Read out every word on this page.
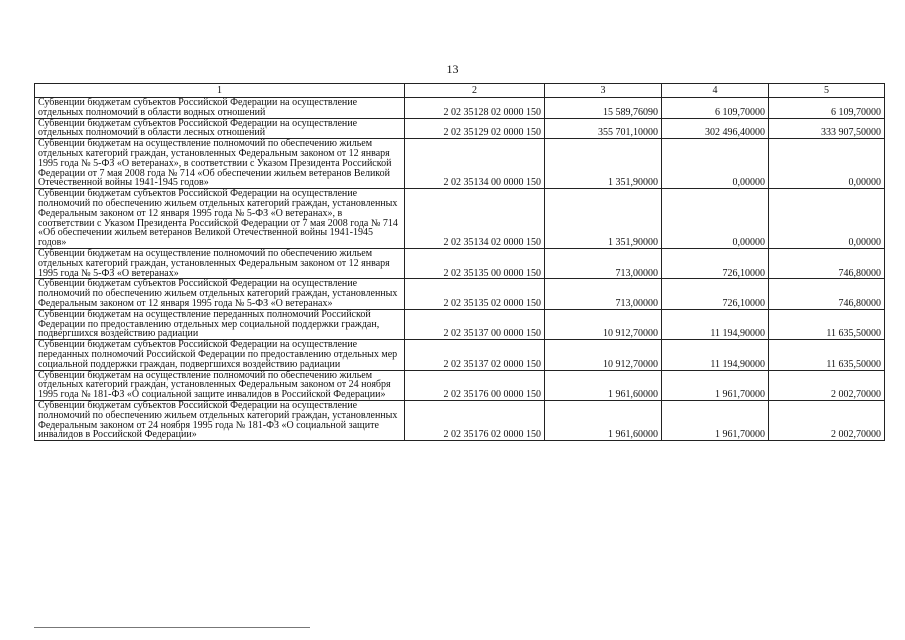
13
1	2	3	4	5
Субвенции бюджетам субъектов Российской Федерации на осуществление отдельных полномочий в области водных отношений	2 02 35128 02 0000 150	15 589,76090	6 109,70000	6 109,70000
Субвенции бюджетам субъектов Российской Федерации на осуществление отдельных полномочий в области лесных отношений	2 02 35129 02 0000 150	355 701,10000	302 496,40000	333 907,50000
Субвенции бюджетам на осуществление полномочий по обеспечению жильем отдельных категорий граждан, установленных Федеральным законом от 12 января 1995 года № 5-ФЗ «О ветеранах», в соответствии с Указом Президента Российской Федерации от 7 мая 2008 года № 714 «Об обеспечении жильем ветеранов Великой Отечественной войны 1941-1945 годов»	2 02 35134 00 0000 150	1 351,90000	0,00000	0,00000
Субвенции бюджетам субъектов Российской Федерации на осуществление полномочий по обеспечению жильем отдельных категорий граждан, установленных Федеральным законом от 12 января 1995 года № 5-ФЗ «О ветеранах», в соответствии с Указом Президента Российской Федерации от 7 мая 2008 года № 714 «Об обеспечении жильем ветеранов Великой Отечественной войны 1941-1945 годов»	2 02 35134 02 0000 150	1 351,90000	0,00000	0,00000
Субвенции бюджетам на осуществление полномочий по обеспечению жильем отдельных категорий граждан, установленных Федеральным законом от 12 января 1995 года № 5-ФЗ «О ветеранах»	2 02 35135 00 0000 150	713,00000	726,10000	746,80000
Субвенции бюджетам субъектов Российской Федерации на осуществление полномочий по обеспечению жильем отдельных категорий граждан, установленных Федеральным законом от 12 января 1995 года № 5-ФЗ «О ветеранах»	2 02 35135 02 0000 150	713,00000	726,10000	746,80000
Субвенции бюджетам на осуществление переданных полномочий Российской Федерации по предоставлению отдельных мер социальной поддержки граждан, подвергшихся воздействию радиации	2 02 35137 00 0000 150	10 912,70000	11 194,90000	11 635,50000
Субвенции бюджетам субъектов Российской Федерации на осуществление переданных полномочий Российской Федерации по предоставлению отдельных мер социальной поддержки граждан, подвергшихся воздействию радиации	2 02 35137 02 0000 150	10 912,70000	11 194,90000	11 635,50000
Субвенции бюджетам на осуществление полномочий по обеспечению жильем отдельных категорий граждан, установленных Федеральным законом от 24 ноября 1995 года № 181-ФЗ «О социальной защите инвалидов в Российской Федерации»	2 02 35176 00 0000 150	1 961,60000	1 961,70000	2 002,70000
Субвенции бюджетам субъектов Российской Федерации на осуществление полномочий по обеспечению жильем отдельных категорий граждан, установленных Федеральным законом от 24 ноября 1995 года № 181-ФЗ «О социальной защите инвалидов в Российской Федерации»	2 02 35176 02 0000 150	1 961,60000	1 961,70000	2 002,70000
